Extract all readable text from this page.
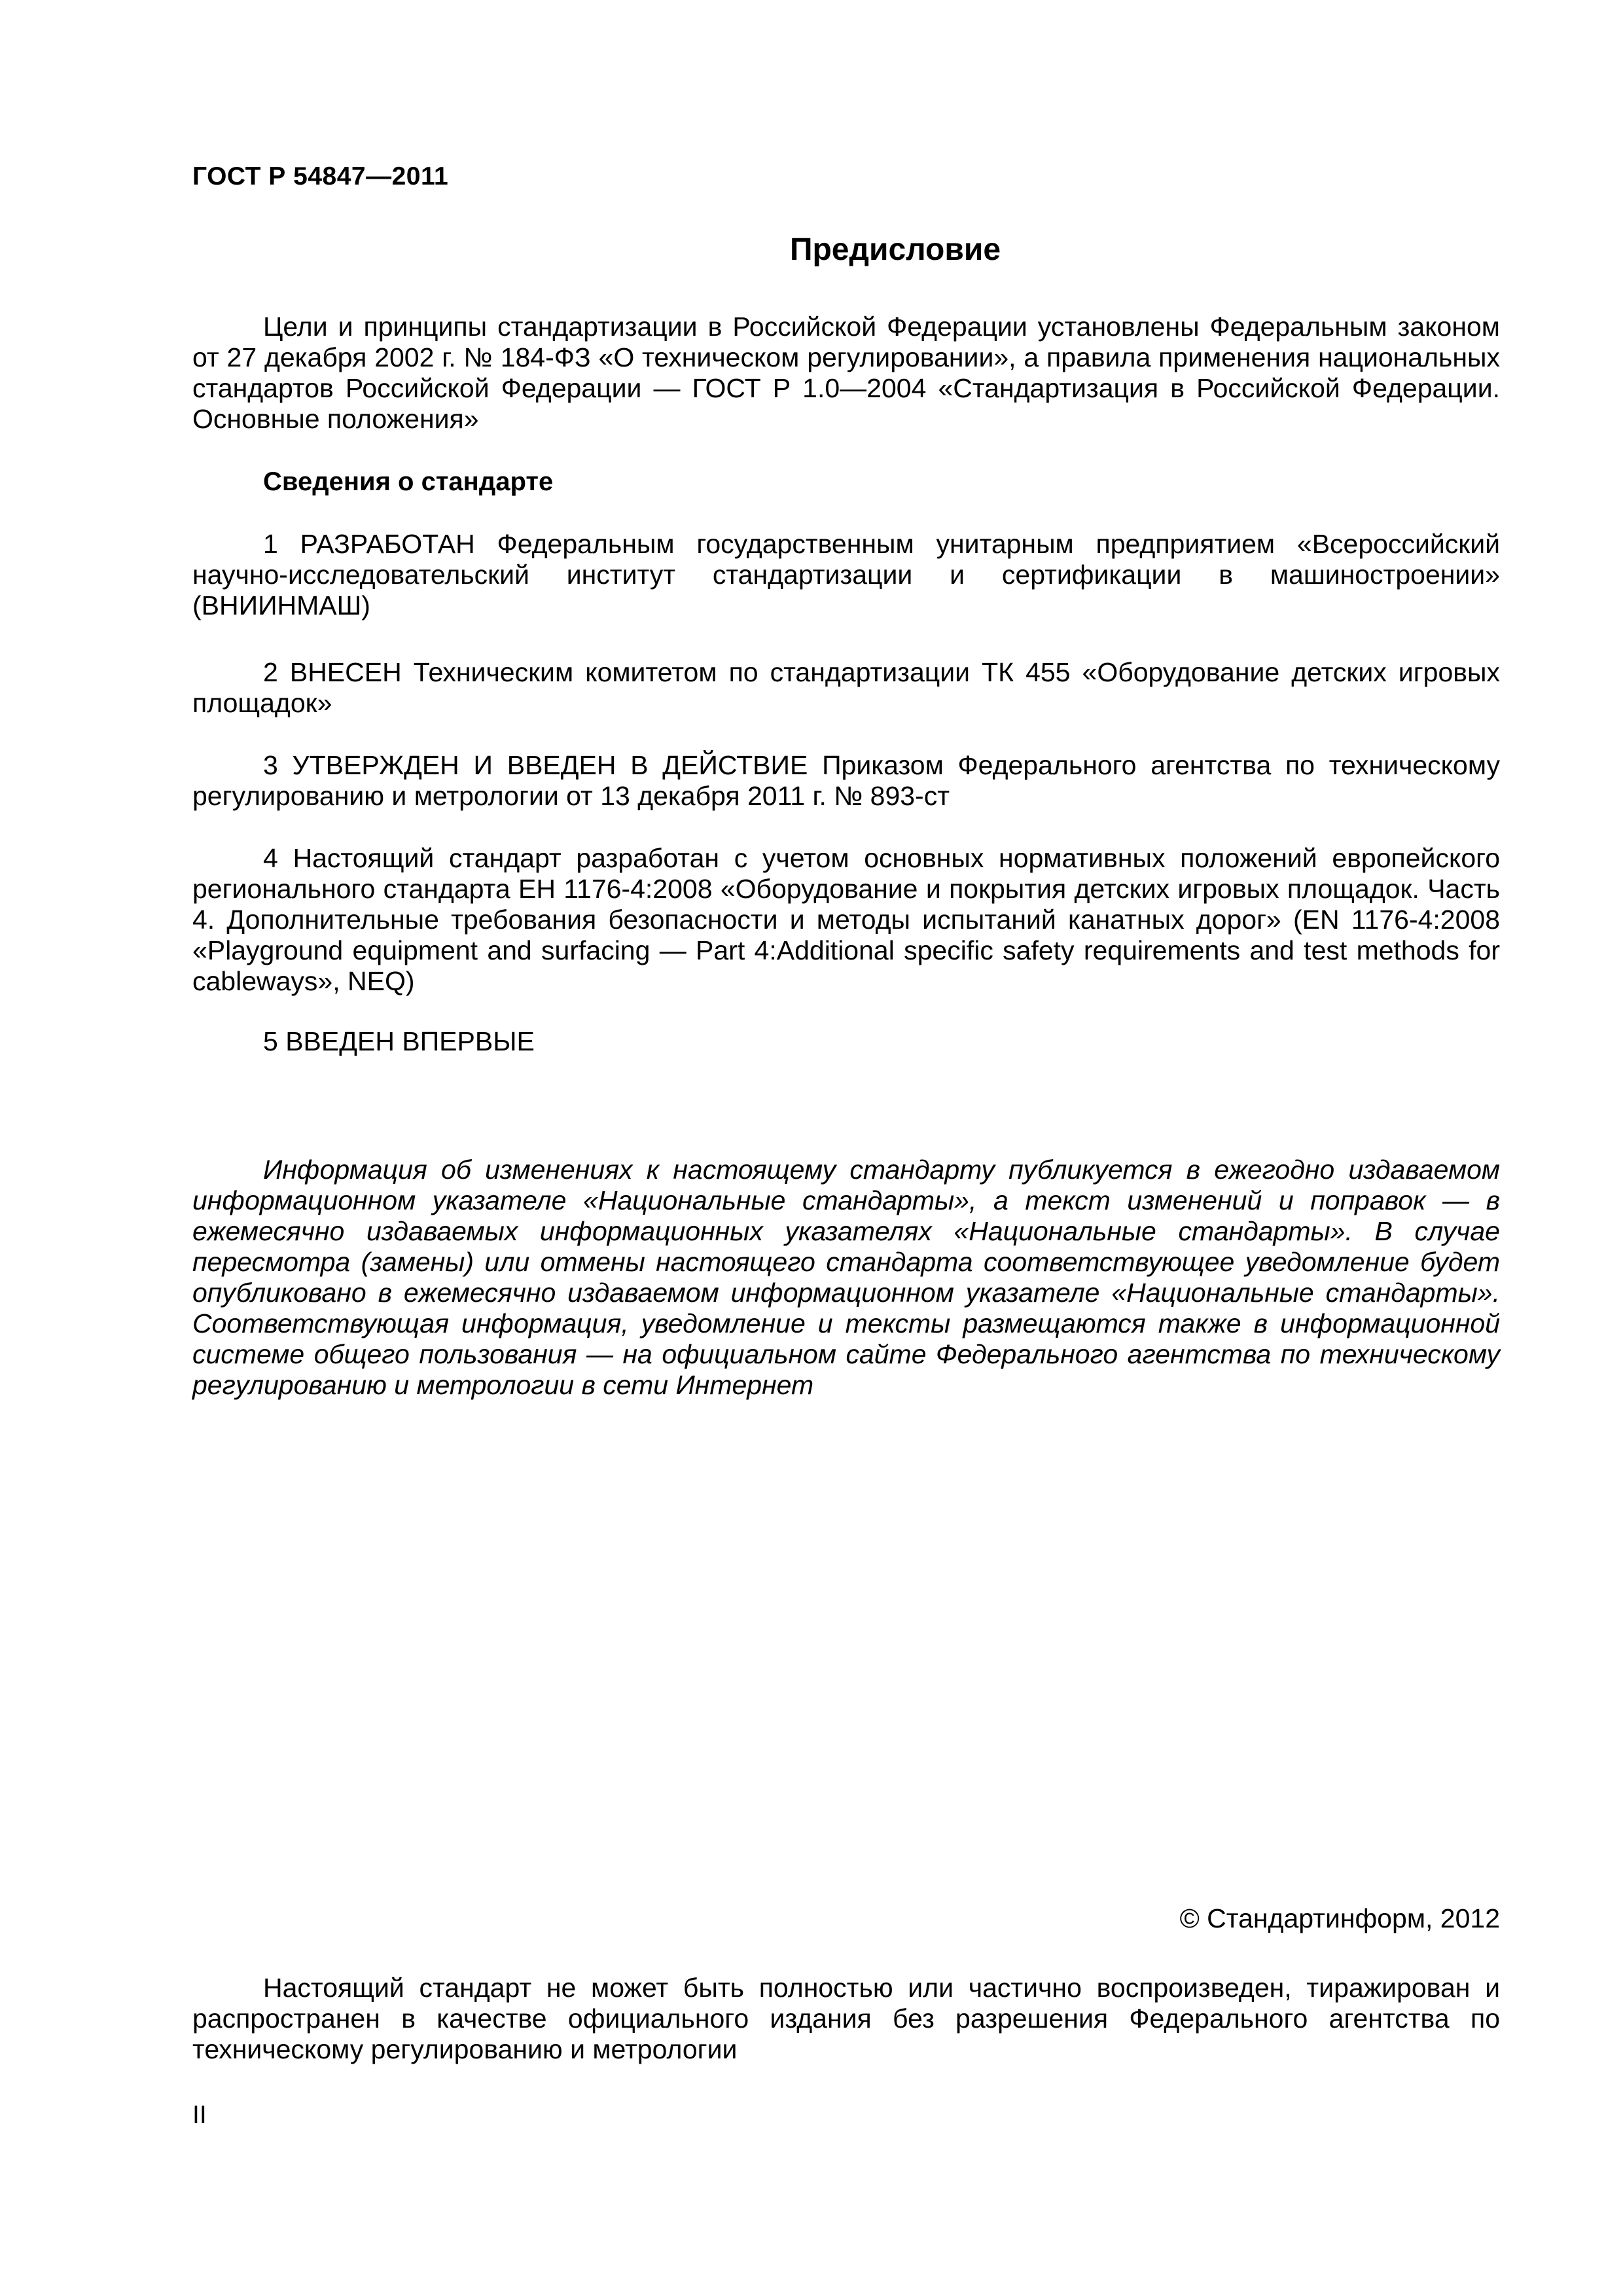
ГОСТ Р 54847—2011
Предисловие

Цели и принципы стандартизации в Российской Федерации установлены Федеральным законом от 27 декабря 2002 г. № 184-ФЗ «О техническом регулировании», а правила применения национальных стандартов Российской Федерации — ГОСТ Р 1.0—2004 «Стандартизация в Российской Федерации. Основные положения»

Сведения о стандарте

1 РАЗРАБОТАН Федеральным государственным унитарным предприятием «Всероссийский научно-исследовательский институт стандартизации и сертификации в машиностроении» (ВНИИНМАШ)

2 ВНЕСЕН Техническим комитетом по стандартизации ТК 455 «Оборудование детских игровых площадок»

3 УТВЕРЖДЕН И ВВЕДЕН В ДЕЙСТВИЕ Приказом Федерального агентства по техническому регулированию и метрологии от 13 декабря 2011 г. № 893-ст

4 Настоящий стандарт разработан с учетом основных нормативных положений европейского регионального стандарта ЕН 1176-4:2008 «Оборудование и покрытия детских игровых площадок. Часть 4. Дополнительные требования безопасности и методы испытаний канатных дорог» (EN 1176-4:2008 «Playground equipment and surfacing — Part 4:Additional specific safety requirements and test methods for cableways», NEQ)

5 ВВЕДЕН ВПЕРВЫЕ

Информация об изменениях к настоящему стандарту публикуется в ежегодно издаваемом информационном указателе «Национальные стандарты», а текст изменений и поправок — в ежемесячно издаваемых информационных указателях «Национальные стандарты». В случае пересмотра (замены) или отмены настоящего стандарта соответствующее уведомление будет опубликовано в ежемесячно издаваемом информационном указателе «Национальные стандарты». Соответствующая информация, уведомление и тексты размещаются также в информационной системе общего пользования — на официальном сайте Федерального агентства по техническому регулированию и метрологии в сети Интернет

© Стандартинформ, 2012

Настоящий стандарт не может быть полностью или частично воспроизведен, тиражирован и распространен в качестве официального издания без разрешения Федерального агентства по техническому регулированию и метрологии

II
